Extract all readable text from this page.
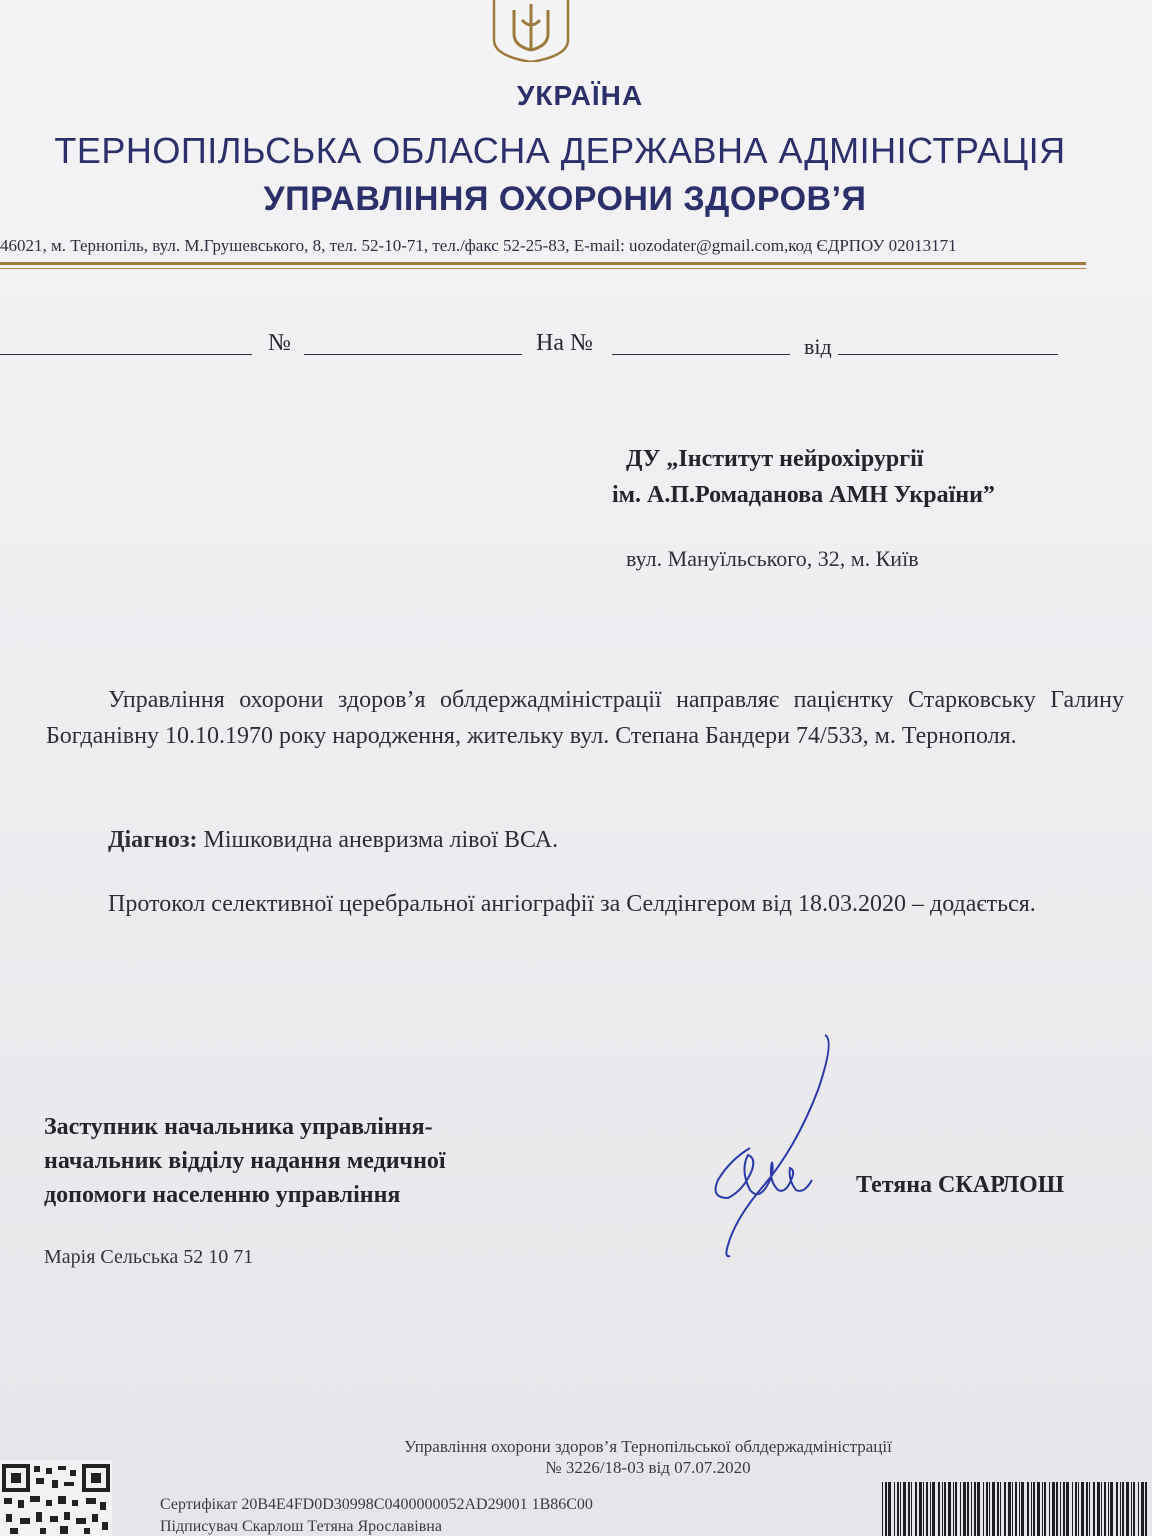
УКРАЇНА
ТЕРНОПІЛЬСЬКА ОБЛАСНА ДЕРЖАВНА АДМІНІСТРАЦІЯ
УПРАВЛІННЯ ОХОРОНИ ЗДОРОВ’Я
46021, м. Тернопіль, вул. М.Грушевського, 8, тел. 52-10-71, тел./факс 52-25-83, E-mail: uozodater@gmail.com,код ЄДРПОУ 02013171
№	На №	від
ДУ „Інститут нейрохірургії
ім. А.П.Ромаданова АМН України”
вул. Мануїльського, 32, м. Київ
Управління охорони здоров’я облдержадміністрації направляє пацієнтку Старковську Галину Богданівну 10.10.1970 року народження, жительку вул. Степана Бандери 74/533, м. Тернополя.
Діагноз: Мішковидна аневризма лівої ВСА.
Протокол селективної церебральної ангіографії за Селдінгером від 18.03.2020 – додається.
Заступник начальника управління-
начальник відділу надання медичної
допомоги населенню управління	Тетяна СКАРЛОШ
Марія Сельська 52 10 71
Управління охорони здоров’я Тернопільської облдержадміністрації
№ 3226/18-03 від 07.07.2020
Сертифікат 20B4E4FD0D30998C0400000052AD29001 1B86C00
Підписувач Скарлош Тетяна Ярославівна
